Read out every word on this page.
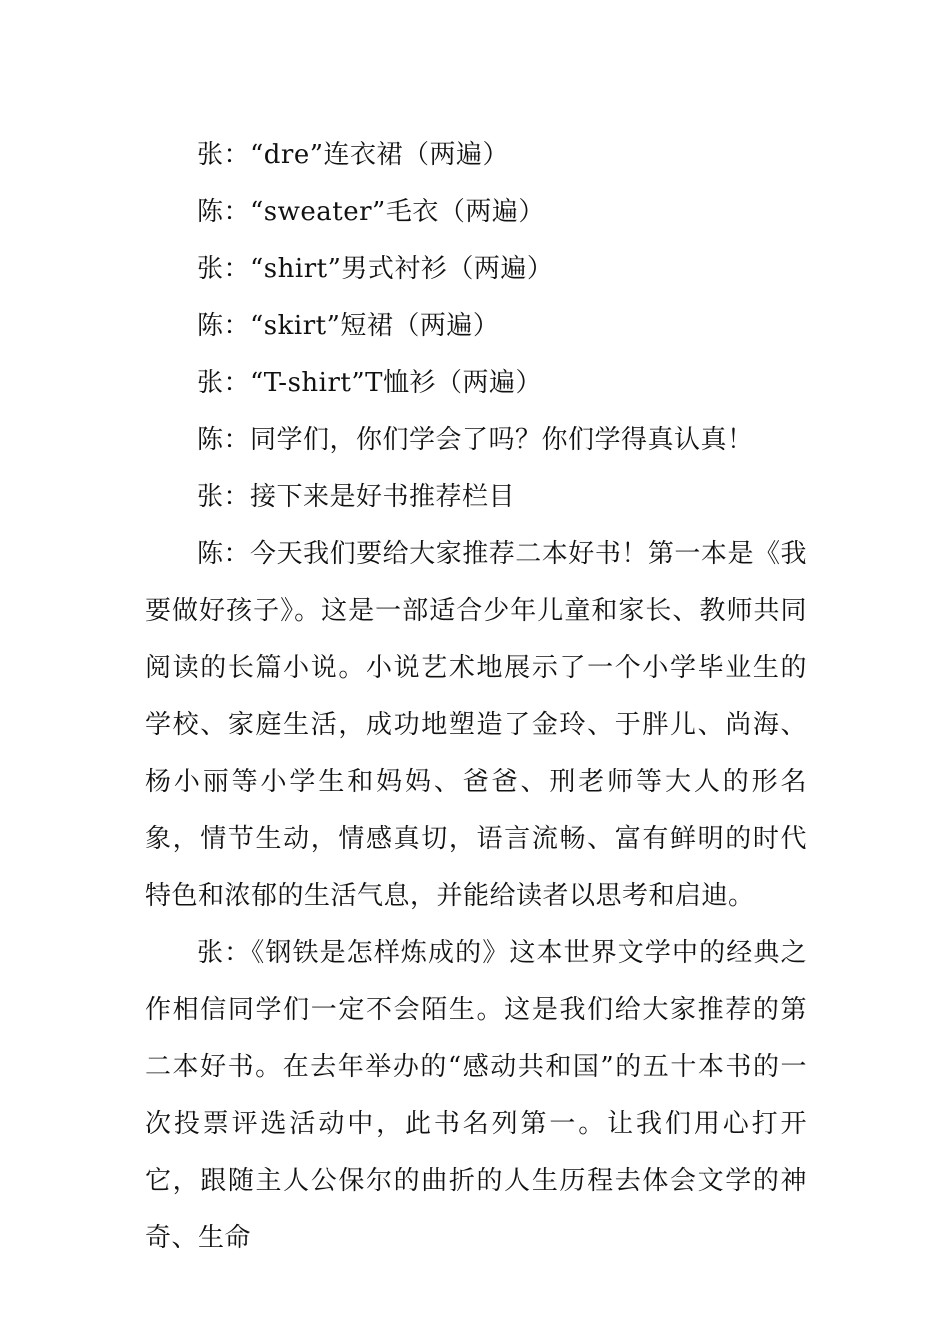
张：“dre”连衣裙（两遍）

陈：“sweater”毛衣（两遍）

张：“shirt”男式衬衫（两遍）

陈：“skirt”短裙（两遍）

张：“T-shirt”T恤衫（两遍）

陈：同学们，你们学会了吗？你们学得真认真！

张：接下来是好书推荐栏目

陈：今天我们要给大家推荐二本好书！第一本是《我要做好孩子》。这是一部适合少年儿童和家长、教师共同阅读的长篇小说。小说艺术地展示了一个小学毕业生的学校、家庭生活，成功地塑造了金玲、于胖儿、尚海、杨小丽等小学生和妈妈、爸爸、刑老师等大人的形名象，情节生动，情感真切，语言流畅、富有鲜明的时代特色和浓郁的生活气息，并能给读者以思考和启迪。

张：《钢铁是怎样炼成的》这本世界文学中的经典之作相信同学们一定不会陌生。这是我们给大家推荐的第二本好书。在去年举办的“感动共和国”的五十本书的一次投票评选活动中，此书名列第一。让我们用心打开它，跟随主人公保尔的曲折的人生历程去体会文学的神奇、生命
